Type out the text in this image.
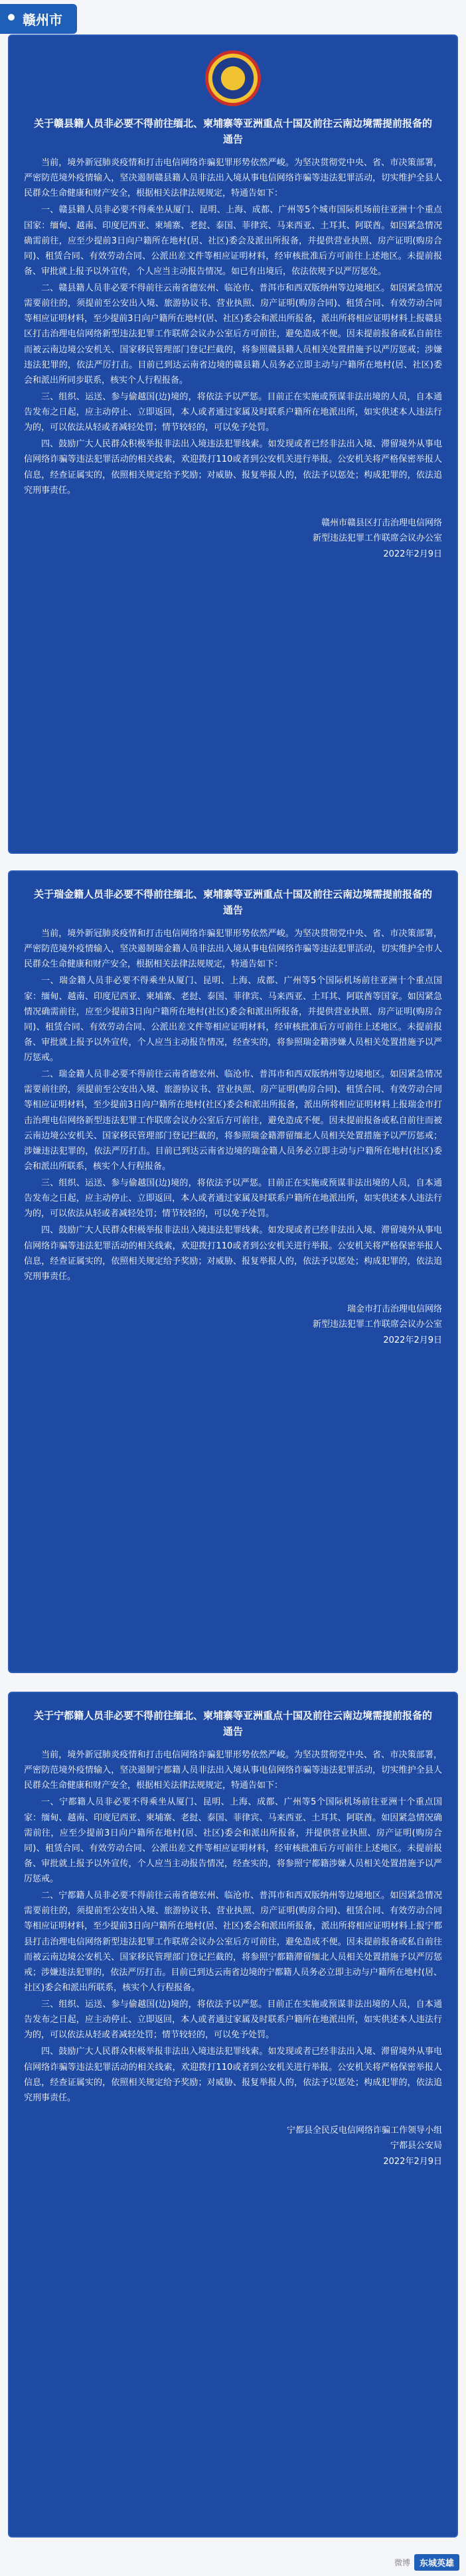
赣州市
关于赣县籍人员非必要不得前往缅北、柬埔寨等亚洲重点十国及前往云南边境需提前报备的通告

当前，境外新冠肺炎疫情和打击电信网络诈骗犯罪形势依然严峻。为坚决贯彻党中央、省、市决策部署，严密防范境外疫情输入，坚决遏制赣县籍人员非法出入境从事电信网络诈骗等违法犯罪活动，切实维护全县人民群众生命健康和财产安全，根据相关法律法规规定，特通告如下：

一、赣县籍人员非必要不得乘坐从厦门、昆明、上海、成都、广州等5个城市国际机场前往亚洲十个重点国家：缅甸、越南、印度尼西亚、柬埔寨、老挝、泰国、菲律宾、马来西亚、土耳其、阿联酋。如因紧急情况确需前往，应至少提前3日向户籍所在地村(居、社区)委会及派出所报备，并提供营业执照、房产证明(购房合同)、租赁合同、有效劳动合同、公派出差文件等相应证明材料，经审核批准后方可前往上述地区。未提前报备、审批就上报予以外宣传，个人应当主动报告情况。如已有出境后，依法依规予以严厉惩处。

二、赣县籍人员非必要不得前往云南省德宏州、临沧市、普洱市和西双版纳州等边境地区。如因紧急情况需要前往的，须提前至公安出入境、旅游协议书、营业执照、房产证明(购房合同)、租赁合同、有效劳动合同等相应证明材料，至少提前3日向户籍所在地村(居、社区)委会和派出所报备，派出所将相应证明材料上报赣县区打击治理电信网络新型违法犯罪工作联席会议办公室后方可前往，避免造成不便。因未提前报备或私自前往而被云南边境公安机关、国家移民管理部门登记拦截的，将参照赣县籍人员相关处置措施予以严厉惩戒；涉嫌违法犯罪的，依法严厉打击。目前已到达云南省边境的赣县籍人员务必立即主动与户籍所在地村(居、社区)委会和派出所同步联系，核实个人行程报备。

三、组织、运送、参与偷越国(边)境的，将依法予以严惩。目前正在实施或预谋非法出境的人员，自本通告发布之日起，应主动停止、立即返回，本人或者通过家属及时联系户籍所在地派出所，如实供述本人违法行为的，可以依法从轻或者减轻处罚；情节较轻的，可以免予处罚。

四、鼓励广大人民群众积极举报非法出入境违法犯罪线索。如发现或者已经非法出入境、滞留境外从事电信网络诈骗等违法犯罪活动的相关线索，欢迎拨打110或者到公安机关进行举报。公安机关将严格保密举报人信息，经查证属实的，依照相关规定给予奖励；对威胁、报复举报人的，依法予以惩处；构成犯罪的，依法追究刑事责任。

赣州市赣县区打击治理电信网络
新型违法犯罪工作联席会议办公室
2022年2月9日
关于瑞金籍人员非必要不得前往缅北、柬埔寨等亚洲重点十国及前往云南边境需提前报备的通告

当前，境外新冠肺炎疫情和打击电信网络诈骗犯罪形势依然严峻。为坚决贯彻党中央、省、市决策部署，严密防范境外疫情输入，坚决遏制瑞金籍人员非法出入境从事电信网络诈骗等违法犯罪活动，切实维护全市人民群众生命健康和财产安全，根据相关法律法规规定，特通告如下：

一、瑞金籍人员非必要不得乘坐从厦门、昆明、上海、成都、广州等5个国际机场前往亚洲十个重点国家：缅甸、越南、印度尼西亚、柬埔寨、老挝、泰国、菲律宾、马来西亚、土耳其、阿联酋等国家。如因紧急情况确需前往，应至少提前3日向户籍所在地村(社区)委会和派出所报备，并提供营业执照、房产证明(购房合同)、租赁合同、有效劳动合同、公派出差文件等相应证明材料，经审核批准后方可前往上述地区。未提前报备、审批就上报予以外宣传，个人应当主动报告情况，经查实的，将参照瑞金籍涉嫌人员相关处置措施予以严厉惩戒。

二、瑞金籍人员非必要不得前往云南省德宏州、临沧市、普洱市和西双版纳州等边境地区。如因紧急情况需要前往的，须提前至公安出入境、旅游协议书、营业执照、房产证明(购房合同)、租赁合同、有效劳动合同等相应证明材料，至少提前3日向户籍所在地村(社区)委会和派出所报备，派出所将相应证明材料上报瑞金市打击治理电信网络新型违法犯罪工作联席会议办公室后方可前往，避免造成不便。因未提前报备或私自前往而被云南边境公安机关、国家移民管理部门登记拦截的，将参照瑞金籍滞留缅北人员相关处置措施予以严厉惩戒；涉嫌违法犯罪的，依法严厉打击。目前已到达云南省边境的瑞金籍人员务必立即主动与户籍所在地村(社区)委会和派出所联系，核实个人行程报备。

三、组织、运送、参与偷越国(边)境的，将依法予以严惩。目前正在实施或预谋非法出境的人员，自本通告发布之日起，应主动停止、立即返回，本人或者通过家属及时联系户籍所在地派出所，如实供述本人违法行为的，可以依法从轻或者减轻处罚；情节较轻的，可以免予处罚。

四、鼓励广大人民群众积极举报非法出入境违法犯罪线索。如发现或者已经非法出入境、滞留境外从事电信网络诈骗等违法犯罪活动的相关线索，欢迎拨打110或者到公安机关进行举报。公安机关将严格保密举报人信息，经查证属实的，依照相关规定给予奖励；对威胁、报复举报人的，依法予以惩处；构成犯罪的，依法追究刑事责任。

瑞金市打击治理电信网络
新型违法犯罪工作联席会议办公室
2022年2月9日
关于宁都籍人员非必要不得前往缅北、柬埔寨等亚洲重点十国及前往云南边境需提前报备的通告

当前，境外新冠肺炎疫情和打击电信网络诈骗犯罪形势依然严峻。为坚决贯彻党中央、省、市决策部署，严密防范境外疫情输入，坚决遏制宁都籍人员非法出入境从事电信网络诈骗等违法犯罪活动，切实维护全县人民群众生命健康和财产安全，根据相关法律法规规定，特通告如下：

一、宁都籍人员非必要不得乘坐从厦门、昆明、上海、成都、广州等5个国际机场前往亚洲十个重点国家：缅甸、越南、印度尼西亚、柬埔寨、老挝、泰国、菲律宾、马来西亚、土耳其、阿联酋。如因紧急情况确需前往，应至少提前3日向户籍所在地村(居、社区)委会和派出所报备，并提供营业执照、房产证明(购房合同)、租赁合同、有效劳动合同、公派出差文件等相应证明材料，经审核批准后方可前往上述地区。未提前报备、审批就上报予以外宣传，个人应当主动报告情况，经查实的，将参照宁都籍涉嫌人员相关处置措施予以严厉惩戒。

二、宁都籍人员非必要不得前往云南省德宏州、临沧市、普洱市和西双版纳州等边境地区。如因紧急情况需要前往的，须提前至公安出入境、旅游协议书、营业执照、房产证明(购房合同)、租赁合同、有效劳动合同等相应证明材料，至少提前3日向户籍所在地村(居、社区)委会和派出所报备，派出所将相应证明材料上报宁都县打击治理电信网络新型违法犯罪工作联席会议办公室后方可前往，避免造成不便。因未提前报备或私自前往而被云南边境公安机关、国家移民管理部门登记拦截的，将参照宁都籍滞留缅北人员相关处置措施予以严厉惩戒；涉嫌违法犯罪的，依法严厉打击。目前已到达云南省边境的宁都籍人员务必立即主动与户籍所在地村(居、社区)委会和派出所联系，核实个人行程报备。

三、组织、运送、参与偷越国(边)境的，将依法予以严惩。目前正在实施或预谋非法出境的人员，自本通告发布之日起，应主动停止、立即返回，本人或者通过家属及时联系户籍所在地派出所，如实供述本人违法行为的，可以依法从轻或者减轻处罚；情节较轻的，可以免予处罚。

四、鼓励广大人民群众积极举报非法出入境违法犯罪线索。如发现或者已经非法出入境、滞留境外从事电信网络诈骗等违法犯罪活动的相关线索，欢迎拨打110或者到公安机关进行举报。公安机关将严格保密举报人信息，经查证属实的，依照相关规定给予奖励；对威胁、报复举报人的，依法予以惩处；构成犯罪的，依法追究刑事责任。

宁都县全民反电信网络诈骗工作领导小组
宁都县公安局
2022年2月9日
微博	东城英雄
